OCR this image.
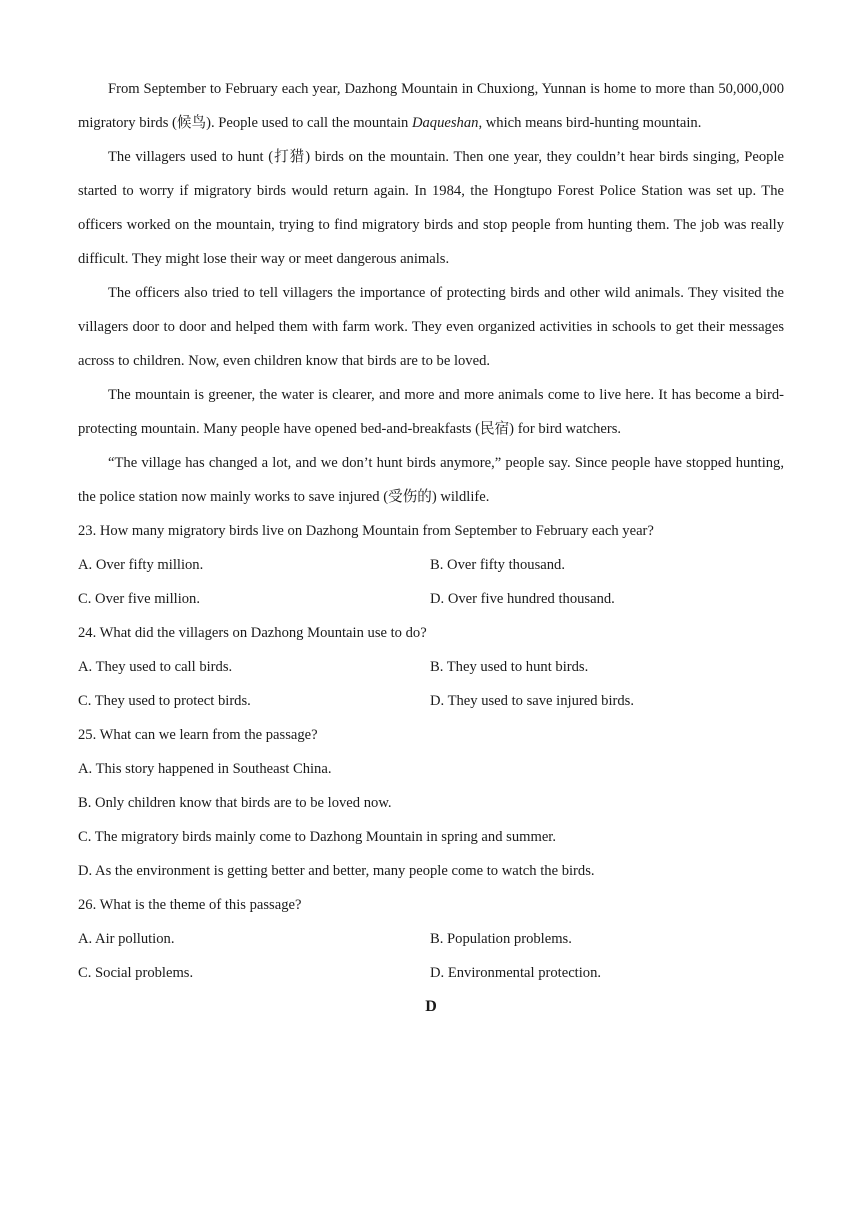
From September to February each year, Dazhong Mountain in Chuxiong, Yunnan is home to more than 50,000,000 migratory birds (候鸟). People used to call the mountain Daqueshan, which means bird-hunting mountain.

The villagers used to hunt (打猎) birds on the mountain. Then one year, they couldn’t hear birds singing, People started to worry if migratory birds would return again. In 1984, the Hongtupo Forest Police Station was set up. The officers worked on the mountain, trying to find migratory birds and stop people from hunting them. The job was really difficult. They might lose their way or meet dangerous animals.

The officers also tried to tell villagers the importance of protecting birds and other wild animals. They visited the villagers door to door and helped them with farm work. They even organized activities in schools to get their messages across to children. Now, even children know that birds are to be loved.

The mountain is greener, the water is clearer, and more and more animals come to live here. It has become a bird-protecting mountain. Many people have opened bed-and-breakfasts (民宿) for bird watchers.

“The village has changed a lot, and we don’t hunt birds anymore,” people say. Since people have stopped hunting, the police station now mainly works to save injured (受伤的) wildlife.

23. How many migratory birds live on Dazhong Mountain from September to February each year?

A. Over fifty million.	B. Over fifty thousand.
C. Over five million.	D. Over five hundred thousand.

24. What did the villagers on Dazhong Mountain use to do?

A. They used to call birds.	B. They used to hunt birds.
C. They used to protect birds.	D. They used to save injured birds.

25. What can we learn from the passage?

A. This story happened in Southeast China.

B. Only children know that birds are to be loved now.

C. The migratory birds mainly come to Dazhong Mountain in spring and summer.

D. As the environment is getting better and better, many people come to watch the birds.

26. What is the theme of this passage?

A. Air pollution.	B. Population problems.
C. Social problems.	D. Environmental protection.

D
